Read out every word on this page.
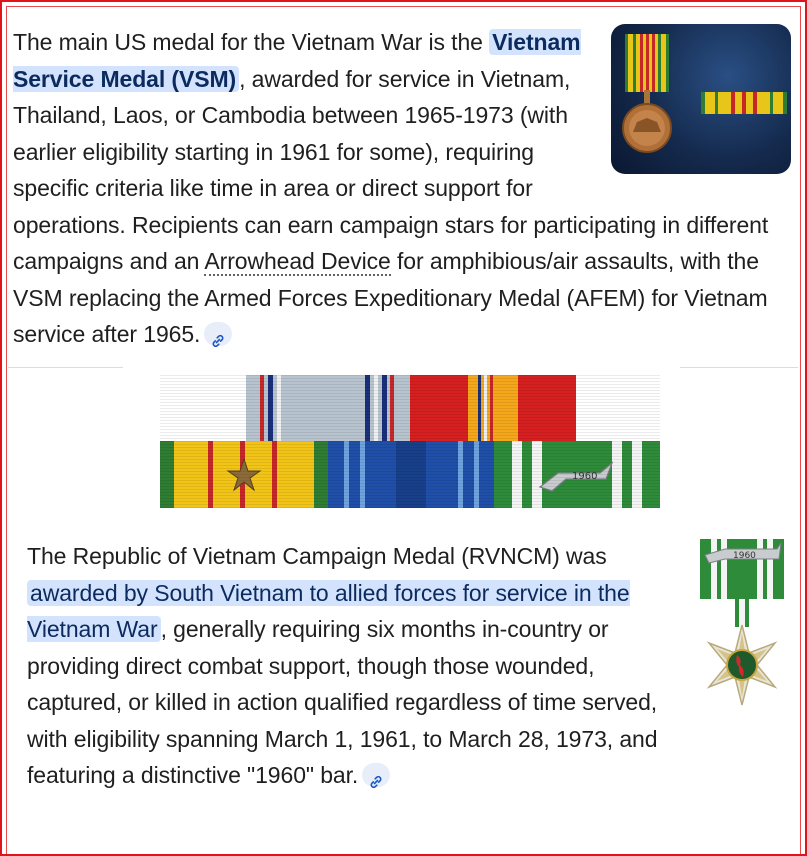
The main US medal for the Vietnam War is the Vietnam Service Medal (VSM) , awarded for service in Vietnam, Thailand, Laos, or Cambodia between 1965-1973 (with earlier eligibility starting in 1961 for some), requiring specific criteria like time in area or direct support for operations. Recipients can earn campaign stars for participating in different campaigns and an Arrowhead Device for amphibious/air assaults, with the VSM replacing the Armed Forces Expeditionary Medal (AFEM) for Vietnam service after 1965.
1960
The Republic of Vietnam Campaign Medal (RVNCM) was awarded by South Vietnam to allied forces for service in the Vietnam War , generally requiring six months in-country or providing direct combat support, though those wounded, captured, or killed in action qualified regardless of time served, with eligibility spanning March 1, 1961, to March 28, 1973, and featuring a distinctive "1960" bar.
